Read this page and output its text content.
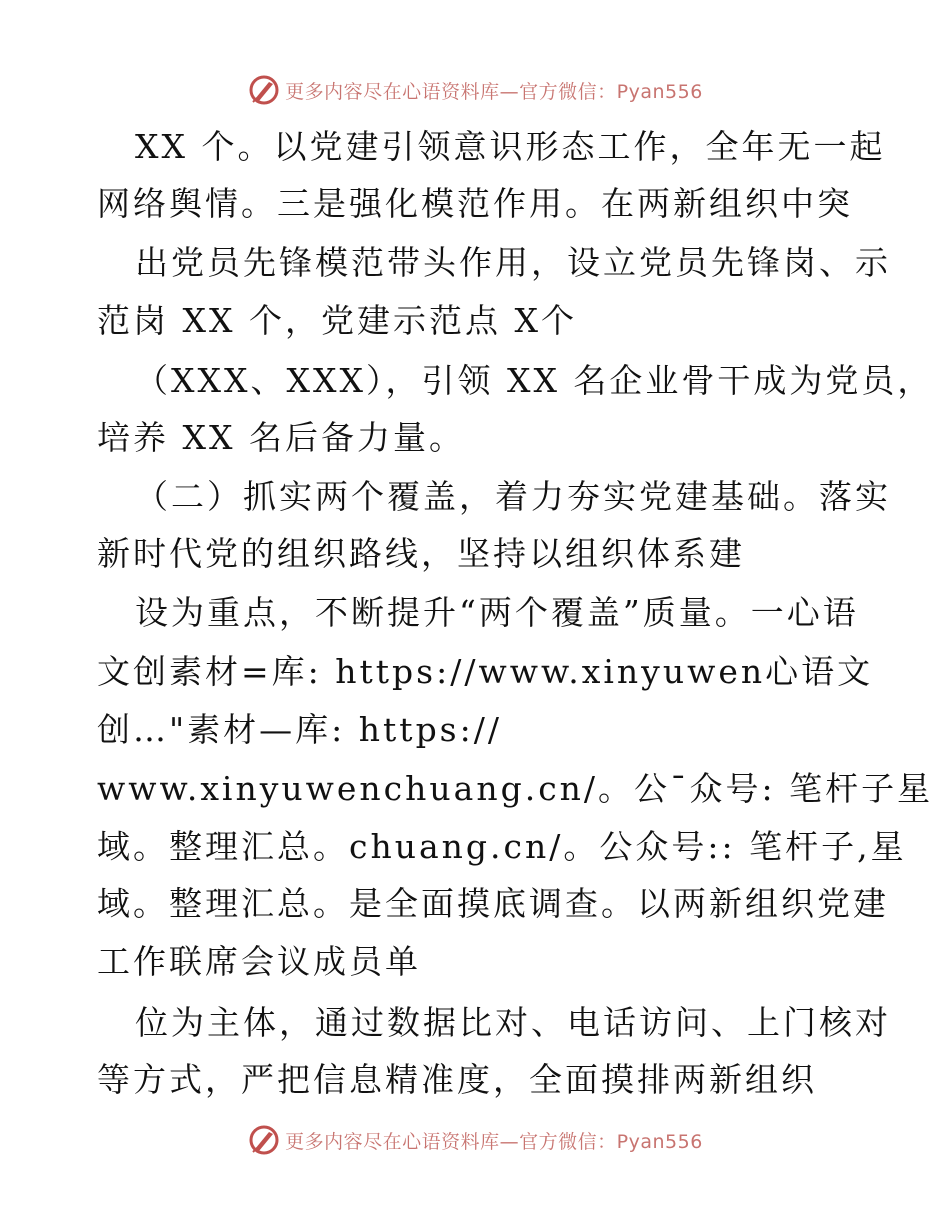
更多内容尽在心语资料库—官方微信：Pyan556
XX 个。以党建引领意识形态工作，全年无一起
网络舆情。三是强化模范作用。在两新组织中突
出党员先锋模范带头作用，设立党员先锋岗、示
范岗 XX 个，党建示范点 X个
（XXX、XXX），引领 XX 名企业骨干成为党员，
培养 XX 名后备力量。
（二）抓实两个覆盖，着力夯实党建基础。落实
新时代党的组织路线，坚持以组织体系建
设为重点，不断提升“两个覆盖”质量。一心语
文创素材=库: https://www.xinyuwen心语文
创…"素材—库: https://
www.xinyuwenchuang.cn/。公¯众号: 笔杆子星
域。整理汇总。chuang.cn/。公众号:: 笔杆子,星
域。整理汇总。是全面摸底调查。以两新组织党建
工作联席会议成员单
位为主体，通过数据比对、电话访问、上门核对
等方式，严把信息精准度，全面摸排两新组织
更多内容尽在心语资料库—官方微信：Pyan556
